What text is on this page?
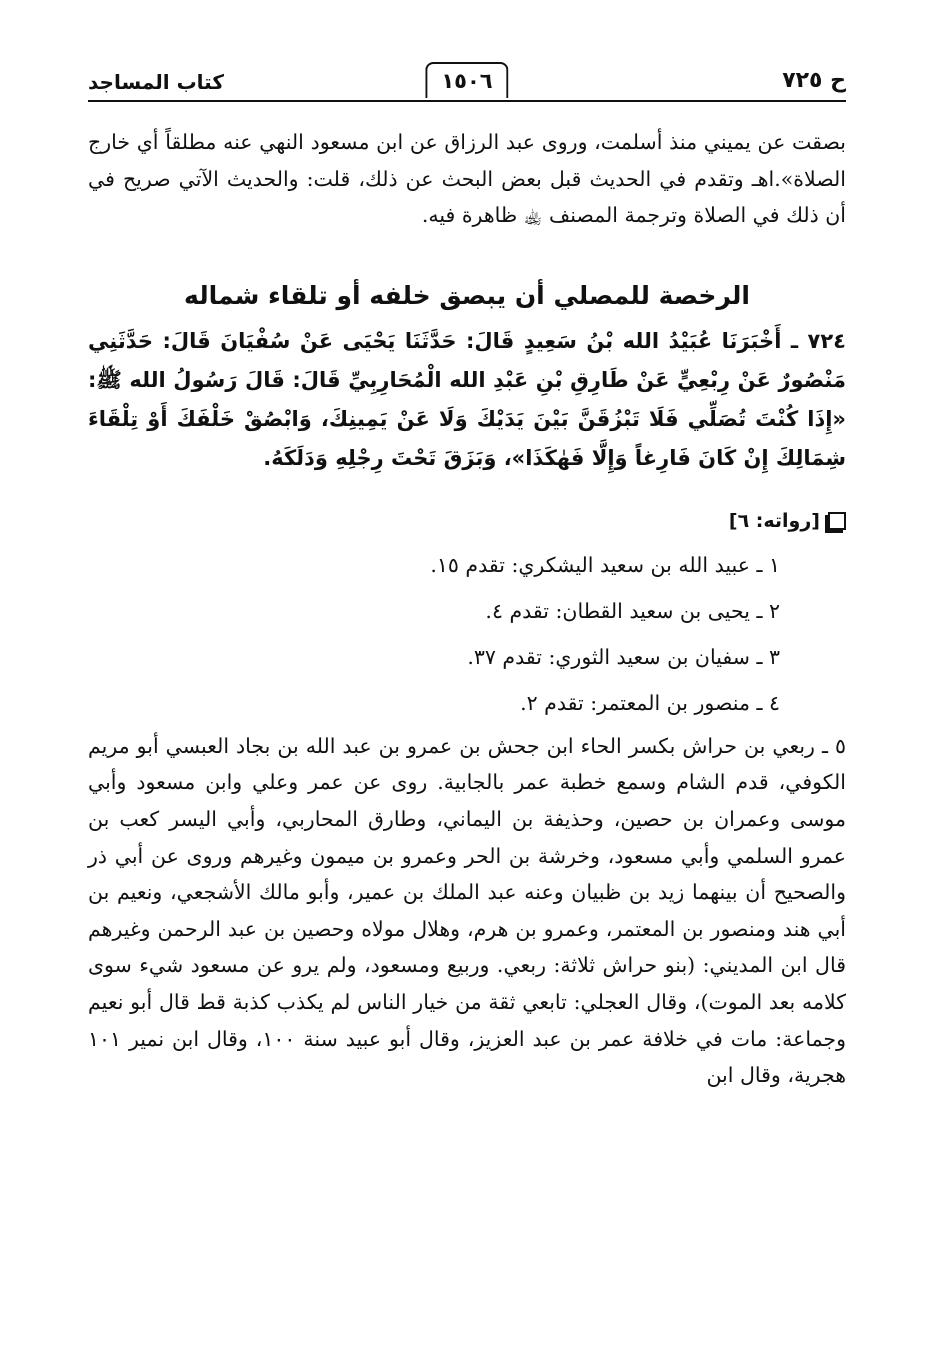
ح ٧٢٥
١٥٠٦
كتاب المساجد

بصقت عن يميني منذ أسلمت، وروى عبد الرزاق عن ابن مسعود النهي عنه مطلقاً أي خارج الصلاة».اهـ وتقدم في الحديث قبل بعض البحث عن ذلك، قلت: والحديث الآتي صريح في أن ذلك في الصلاة وترجمة المصنف ﵀ ظاهرة فيه.

الرخصة للمصلي أن يبصق خلفه أو تلقاء شماله

٧٢٤ ـ أَخْبَرَنَا عُبَيْدُ الله بْنُ سَعِيدٍ قَالَ: حَدَّثَنَا يَحْيَى عَنْ سُفْيَانَ قَالَ: حَدَّثَنِي مَنْصُورٌ عَنْ رِبْعِيٍّ عَنْ طَارِقِ بْنِ عَبْدِ الله الْمُحَارِبِيِّ قَالَ: قَالَ رَسُولُ الله ﷺ: «إِذَا كُنْتَ تُصَلِّي فَلَا تَبْزُقَنَّ بَيْنَ يَدَيْكَ وَلَا عَنْ يَمِينِكَ، وَابْصُقْ خَلْفَكَ أَوْ تِلْقَاءَ شِمَالِكَ إِنْ كَانَ فَارِغاً وَإِلَّا فَهٰكَذَا»، وَبَزَقَ تَحْتَ رِجْلِهِ وَدَلَكَهُ.

[رواته: ٦]
١ ـ عبيد الله بن سعيد اليشكري: تقدم ١٥.
٢ ـ يحيى بن سعيد القطان: تقدم ٤.
٣ ـ سفيان بن سعيد الثوري: تقدم ٣٧.
٤ ـ منصور بن المعتمر: تقدم ٢.

٥ ـ ربعي بن حراش بكسر الحاء ابن جحش بن عمرو بن عبد الله بن بجاد العبسي أبو مريم الكوفي، قدم الشام وسمع خطبة عمر بالجابية. روى عن عمر وعلي وابن مسعود وأبي موسى وعمران بن حصين، وحذيفة بن اليماني، وطارق المحاربي، وأبي اليسر كعب بن عمرو السلمي وأبي مسعود، وخرشة بن الحر وعمرو بن ميمون وغيرهم وروى عن أبي ذر والصحيح أن بينهما زيد بن ظبيان وعنه عبد الملك بن عمير، وأبو مالك الأشجعي، ونعيم بن أبي هند ومنصور بن المعتمر، وعمرو بن هرم، وهلال مولاه وحصين بن عبد الرحمن وغيرهم قال ابن المديني: (بنو حراش ثلاثة: ربعي. وربيع ومسعود، ولم يرو عن مسعود شيء سوى كلامه بعد الموت)، وقال العجلي: تابعي ثقة من خيار الناس لم يكذب كذبة قط قال أبو نعيم وجماعة: مات في خلافة عمر بن عبد العزيز، وقال أبو عبيد سنة ١٠٠، وقال ابن نمير ١٠١ هجرية، وقال ابن
